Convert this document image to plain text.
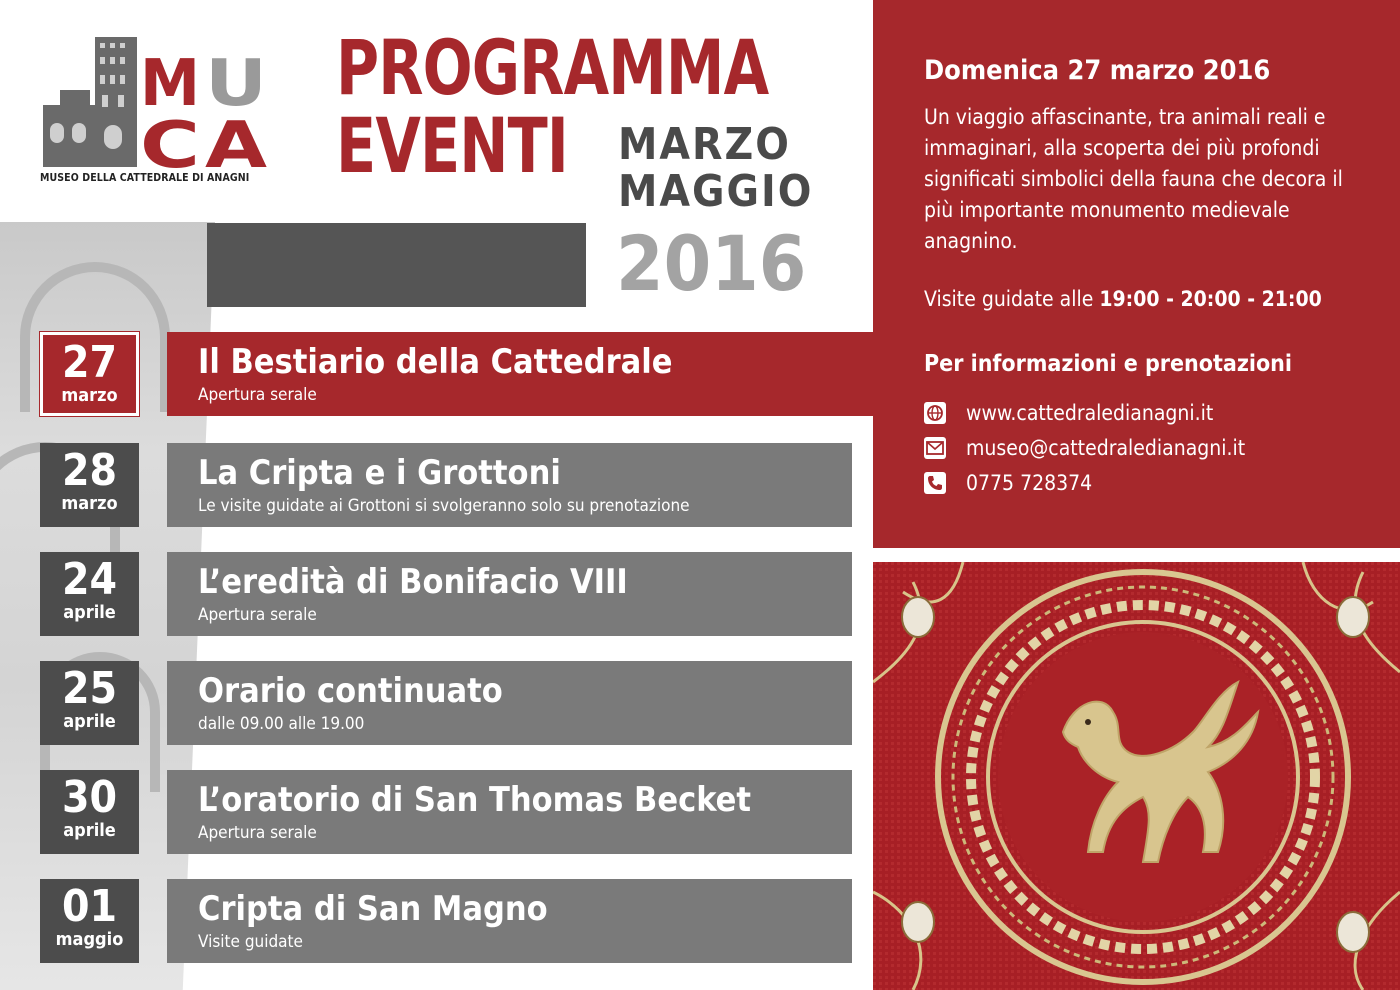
M U
C A
MUSEO DELLA CATTEDRALE DI ANAGNI
PROGRAMMA
EVENTI MARZO
MAGGIO
2016
Domenica 27 marzo 2016
Un viaggio affascinante, tra animali reali e immaginari, alla scoperta dei più profondi significati simbolici della fauna che decora il più importante monumento medievale anagnino.
Visite guidate alle 19:00 - 20:00 - 21:00
Per informazioni e prenotazioni
www.cattedraledianagni.it
museo@cattedraledianagni.it
0775 728374
27
marzo
Il Bestiario della Cattedrale
Apertura serale
28
marzo
La Cripta e i Grottoni
Le visite guidate ai Grottoni si svolgeranno solo su prenotazione
24
aprile
L’eredità di Bonifacio VIII
Apertura serale
25
aprile
Orario continuato
dalle 09.00 alle 19.00
30
aprile
L’oratorio di San Thomas Becket
Apertura serale
01
maggio
Cripta di San Magno
Visite guidate
